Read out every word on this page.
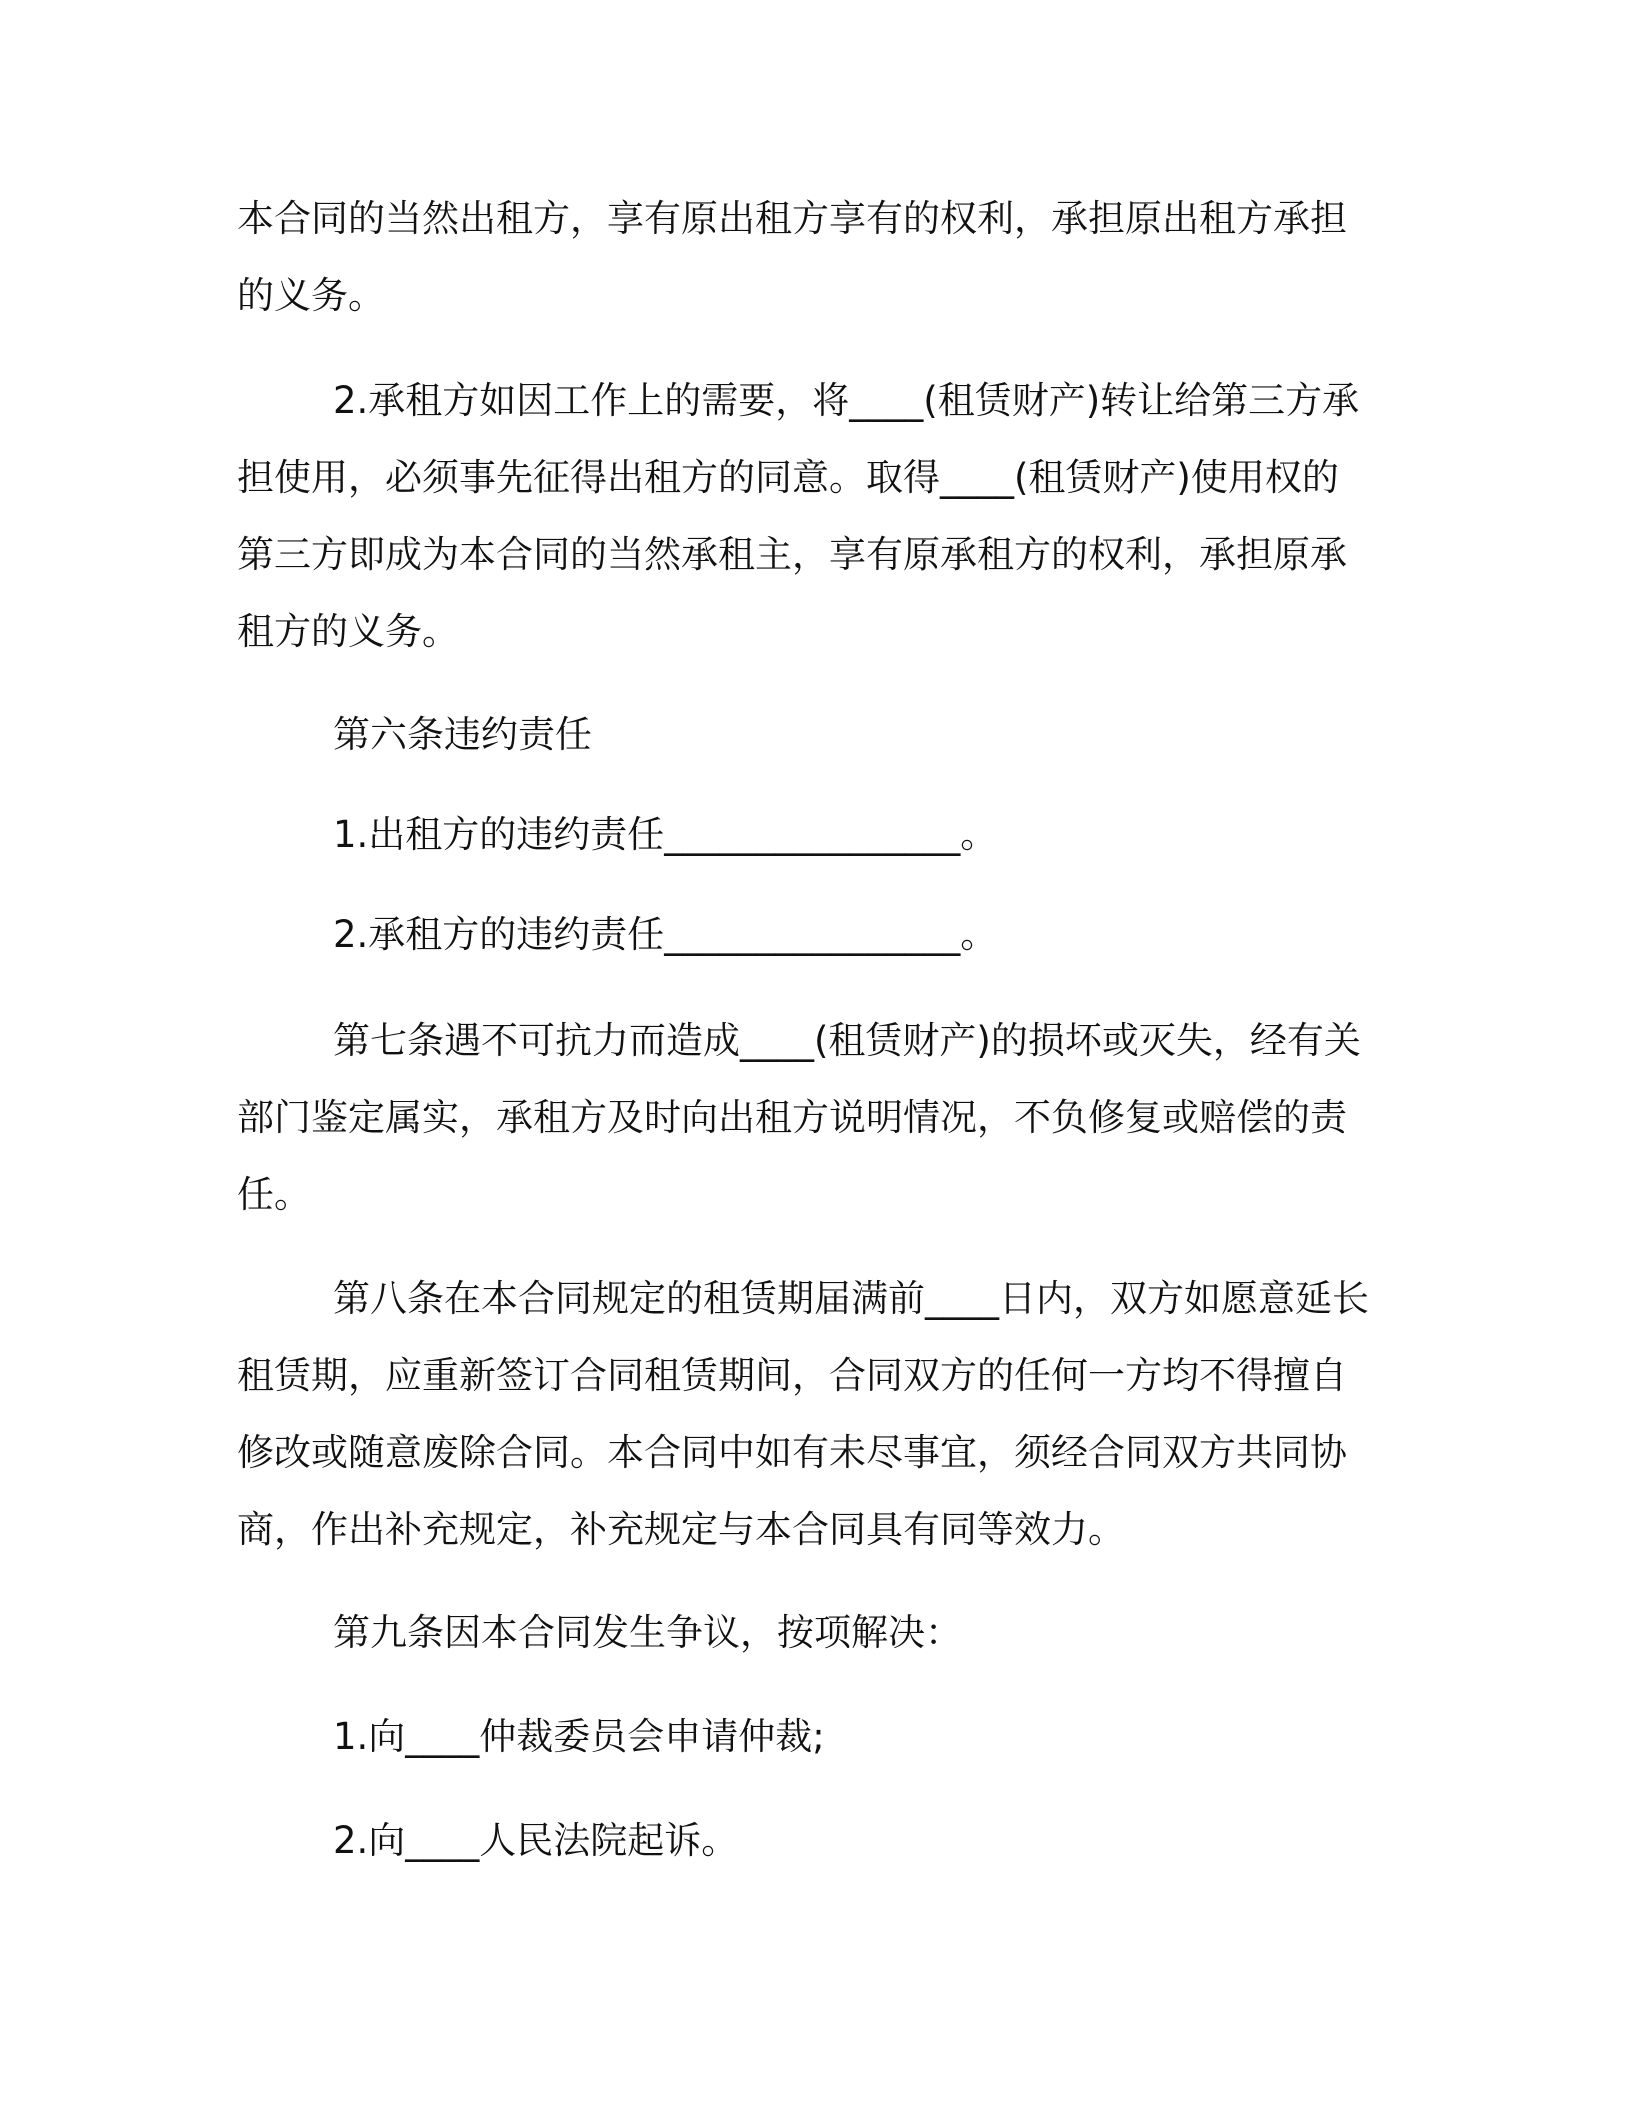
本合同的当然出租方，享有原出租方享有的权利，承担原出租方承担
的义务。

2.承租方如因工作上的需要，将____(租赁财产)转让给第三方承
担使用，必须事先征得出租方的同意。取得____(租赁财产)使用权的
第三方即成为本合同的当然承租主，享有原承租方的权利，承担原承
租方的义务。

第六条违约责任

1.出租方的违约责任________________。

2.承租方的违约责任________________。

第七条遇不可抗力而造成____(租赁财产)的损坏或灭失，经有关
部门鉴定属实，承租方及时向出租方说明情况，不负修复或赔偿的责
任。

第八条在本合同规定的租赁期届满前____日内，双方如愿意延长
租赁期，应重新签订合同租赁期间，合同双方的任何一方均不得擅自
修改或随意废除合同。本合同中如有未尽事宜，须经合同双方共同协
商，作出补充规定，补充规定与本合同具有同等效力。

第九条因本合同发生争议，按项解决：

1.向____仲裁委员会申请仲裁;

2.向____人民法院起诉。
